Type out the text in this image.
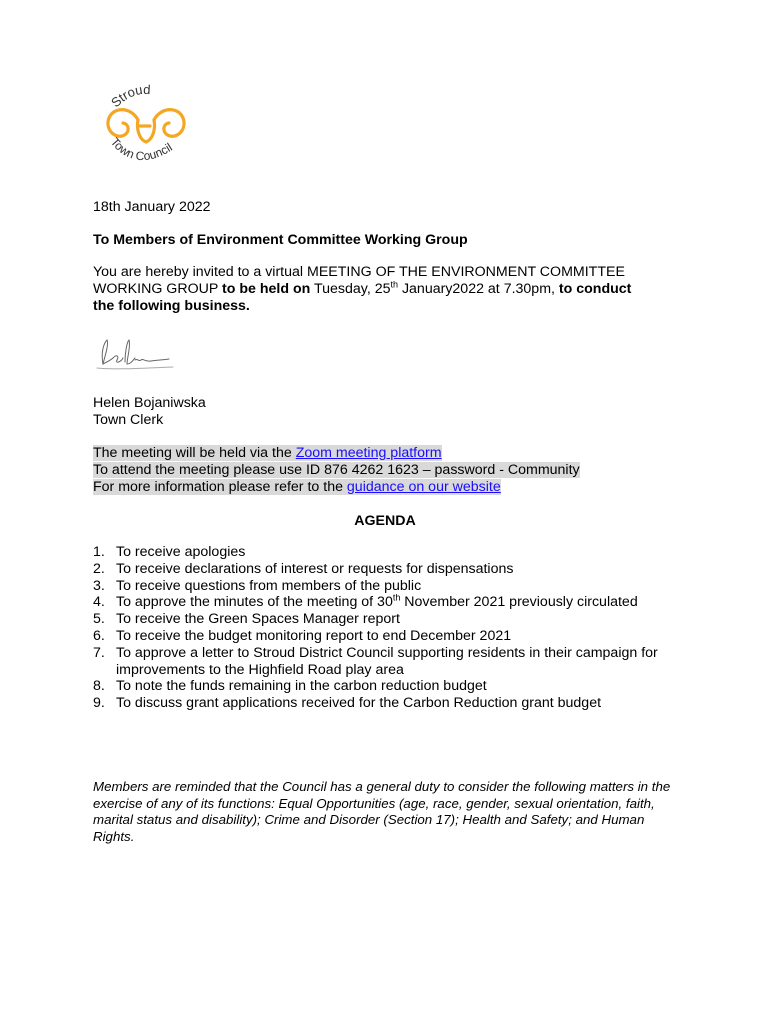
Stroud
Town Council
18th January 2022
To Members of Environment Committee Working Group
You are hereby invited to a virtual MEETING OF THE ENVIRONMENT COMMITTEE WORKING GROUP to be held on Tuesday, 25th January2022 at 7.30pm, to conduct the following business.
Helen Bojaniwska
Town Clerk
The meeting will be held via the Zoom meeting platform
To attend the meeting please use ID 876 4262 1623 – password - Community
For more information please refer to the guidance on our website
AGENDA
1. To receive apologies
2. To receive declarations of interest or requests for dispensations
3. To receive questions from members of the public
4. To approve the minutes of the meeting of 30th November 2021 previously circulated
5. To receive the Green Spaces Manager report
6. To receive the budget monitoring report to end December 2021
7. To approve a letter to Stroud District Council supporting residents in their campaign for improvements to the Highfield Road play area
8. To note the funds remaining in the carbon reduction budget
9. To discuss grant applications received for the Carbon Reduction grant budget
Members are reminded that the Council has a general duty to consider the following matters in the exercise of any of its functions: Equal Opportunities (age, race, gender, sexual orientation, faith, marital status and disability); Crime and Disorder (Section 17); Health and Safety; and Human Rights.
